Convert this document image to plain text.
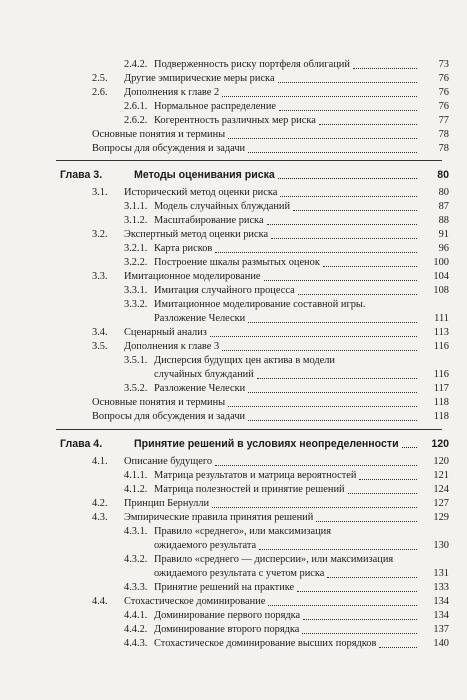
2.4.2. Подверженность риску портфеля облигаций	73
2.5. Другие эмпирические меры риска	76
2.6. Дополнения к главе 2	76
2.6.1. Нормальное распределение	76
2.6.2. Когерентность различных мер риска	77
Основные понятия и термины	78
Вопросы для обсуждения и задачи	78
Глава 3.	Методы оценивания риска	80
3.1. Исторический метод оценки риска	80
3.1.1. Модель случайных блужданий	87
3.1.2. Масштабирование риска	88
3.2. Экспертный метод оценки риска	91
3.2.1. Карта рисков	96
3.2.2. Построение шкалы размытых оценок	100
3.3. Имитационное моделирование	104
3.3.1. Имитация случайного процесса	108
3.3.2. Имитационное моделирование составной игры.
Разложение Челески	111
3.4. Сценарный анализ	113
3.5. Дополнения к главе 3	116
3.5.1. Дисперсия будущих цен актива в модели
случайных блужданий	116
3.5.2. Разложение Челески	117
Основные понятия и термины	118
Вопросы для обсуждения и задачи	118
Глава 4.	Принятие решений в условиях неопределенности	120
4.1. Описание будущего	120
4.1.1. Матрица результатов и матрица вероятностей	121
4.1.2. Матрица полезностей и принятие решений	124
4.2. Принцип Бернулли	127
4.3. Эмпирические правила принятия решений	129
4.3.1. Правило «среднего», или максимизация
ожидаемого результата	130
4.3.2. Правило «среднего — дисперсии», или максимизация
ожидаемого результата с учетом риска	131
4.3.3. Принятие решений на практике	133
4.4. Стохастическое доминирование	134
4.4.1. Доминирование первого порядка	134
4.4.2. Доминирование второго порядка	137
4.4.3. Стохастическое доминирование высших порядков	140
